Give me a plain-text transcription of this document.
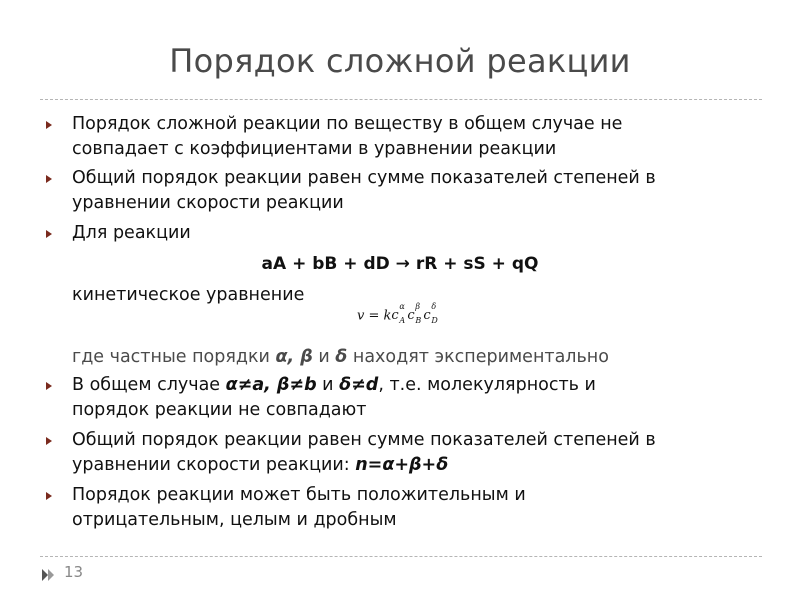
Порядок сложной реакции
Порядок сложной реакции по веществу в общем случае не
совпадает с коэффициентами в уравнении реакции
Общий порядок реакции равен сумме показателей степеней в
уравнении скорости реакции
Для реакции
aA + bB + dD → rR + sS + qQ
кинетическое уравнение
v = k c
α
A c
β
B c
δ
D
где частные порядки α, β и δ находят экспериментально
В общем случае α≠a, β≠b и δ≠d, т.е. молекулярность и
порядок реакции не совпадают
Общий порядок реакции равен сумме показателей степеней в
уравнении скорости реакции: n=α+β+δ
Порядок реакции может быть положительным и
отрицательным, целым и дробным
13
